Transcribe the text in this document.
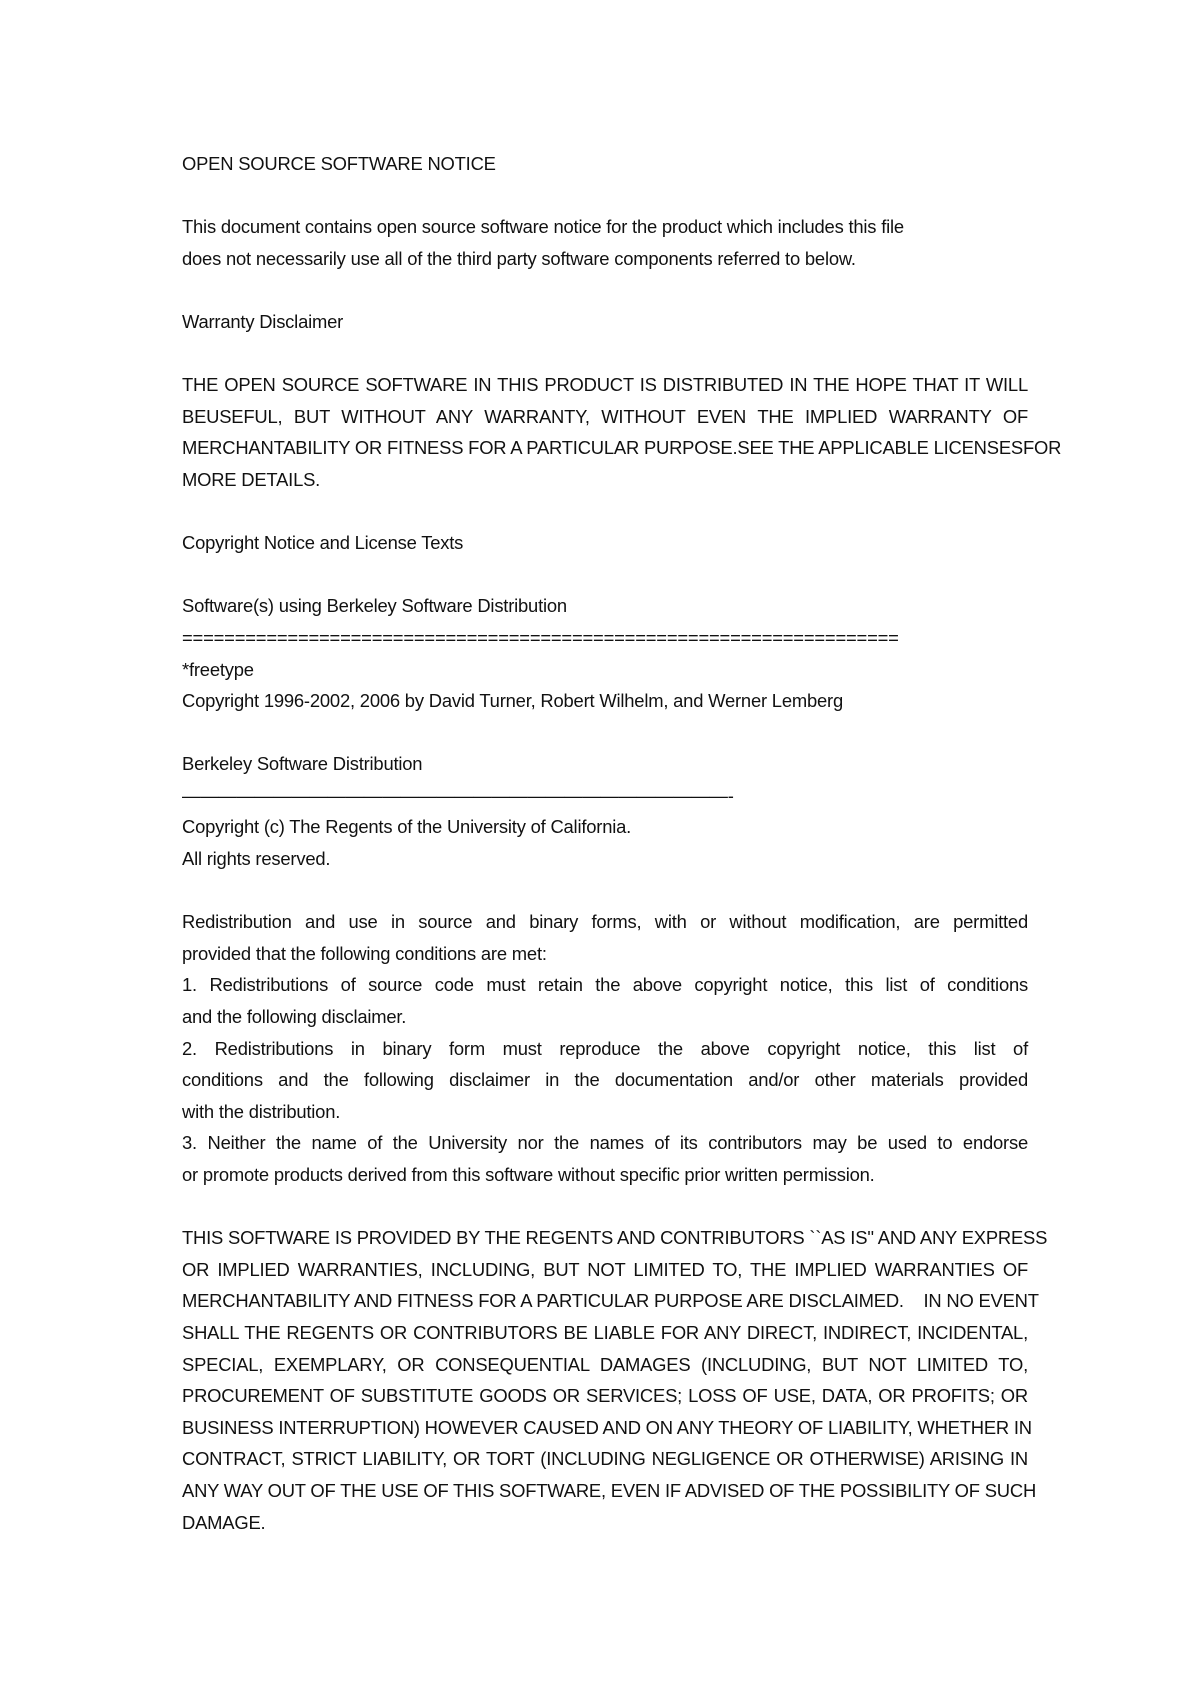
OPEN SOURCE SOFTWARE NOTICE
This document contains open source software notice for the product which includes this file
does not necessarily use all of the third party software components referred to below.
Warranty Disclaimer
THE OPEN SOURCE SOFTWARE IN THIS PRODUCT IS DISTRIBUTED IN THE HOPE THAT IT WILL
BEUSEFUL, BUT WITHOUT ANY WARRANTY, WITHOUT EVEN THE IMPLIED WARRANTY OF
MERCHANTABILITY OR FITNESS FOR A PARTICULAR PURPOSE.SEE THE APPLICABLE LICENSESFOR
MORE DETAILS.
Copyright Notice and License Texts
Software(s) using Berkeley Software Distribution
====================================================================
*freetype
Copyright 1996-2002, 2006 by David Turner, Robert Wilhelm, and Werner Lemberg
Berkeley Software Distribution
——————————————————————————————-
Copyright (c) The Regents of the University of California.
All rights reserved.
Redistribution and use in source and binary forms, with or without modification, are permitted
provided that the following conditions are met:
1. Redistributions of source code must retain the above copyright notice, this list of conditions
and the following disclaimer.
2. Redistributions in binary form must reproduce the above copyright notice, this list of
conditions and the following disclaimer in the documentation and/or other materials provided
with the distribution.
3. Neither the name of the University nor the names of its contributors may be used to endorse
or promote products derived from this software without specific prior written permission.
THIS SOFTWARE IS PROVIDED BY THE REGENTS AND CONTRIBUTORS ``AS IS'' AND ANY EXPRESS
OR IMPLIED WARRANTIES, INCLUDING, BUT NOT LIMITED TO, THE IMPLIED WARRANTIES OF
MERCHANTABILITY AND FITNESS FOR A PARTICULAR PURPOSE ARE DISCLAIMED.    IN NO EVENT
SHALL THE REGENTS OR CONTRIBUTORS BE LIABLE FOR ANY DIRECT, INDIRECT, INCIDENTAL,
SPECIAL, EXEMPLARY, OR CONSEQUENTIAL DAMAGES (INCLUDING, BUT NOT LIMITED TO,
PROCUREMENT OF SUBSTITUTE GOODS OR SERVICES; LOSS OF USE, DATA, OR PROFITS; OR
BUSINESS INTERRUPTION) HOWEVER CAUSED AND ON ANY THEORY OF LIABILITY, WHETHER IN
CONTRACT, STRICT LIABILITY, OR TORT (INCLUDING NEGLIGENCE OR OTHERWISE) ARISING IN
ANY WAY OUT OF THE USE OF THIS SOFTWARE, EVEN IF ADVISED OF THE POSSIBILITY OF SUCH
DAMAGE.
